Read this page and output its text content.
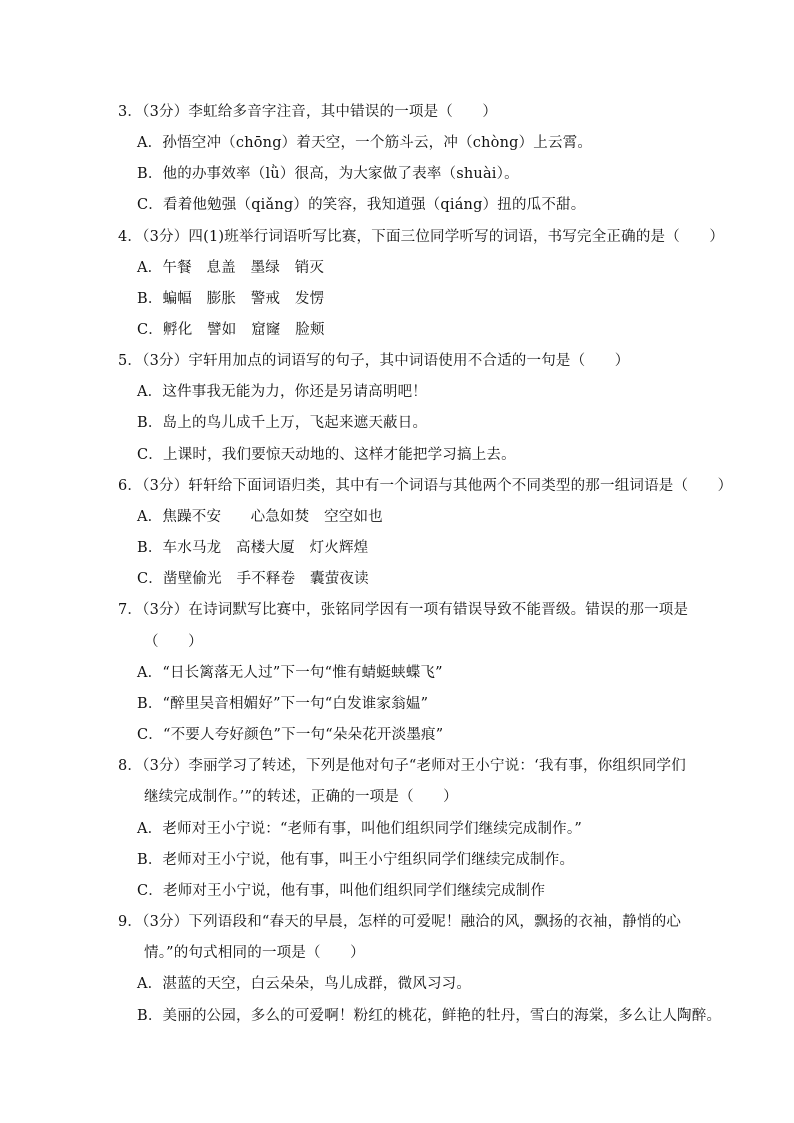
3．（3分）李虹给多音字注音，其中错误的一项是（　　）
A．孙悟空冲（chōng）着天空，一个筋斗云，冲（chòng）上云霄。
B．他的办事效率（lǜ）很高，为大家做了表率（shuài）。
C．看着他勉强（qiǎng）的笑容，我知道强（qiáng）扭的瓜不甜。
4．（3分）四(1)班举行词语听写比赛，下面三位同学听写的词语，书写完全正确的是（　　）
A．午餐　息盖　墨绿　销灭
B．蝙幅　膨胀　警戒　发愣
C．孵化　譬如　窟窿　脸颊
5．（3分）宇轩用加点的词语写的句子，其中词语使用不合适的一句是（　　）
A．这件事我无能为力，你还是另请高明吧！
B．岛上的鸟儿成千上万，飞起来遮天蔽日。
C．上课时，我们要惊天动地的、这样才能把学习搞上去。
6．（3分）轩轩给下面词语归类，其中有一个词语与其他两个不同类型的那一组词语是（　　）
A．焦躁不安　　心急如焚　空空如也
B．车水马龙　高楼大厦　灯火辉煌
C．凿壁偷光　手不释卷　囊萤夜读
7．（3分）在诗词默写比赛中，张铭同学因有一项有错误导致不能晋级。错误的那一项是
（　　）
A．“日长篱落无人过”下一句“惟有蜻蜓蛱蝶飞”
B．“醉里吴音相媚好”下一句“白发谁家翁媪”
C．“不要人夸好颜色”下一句“朵朵花开淡墨痕”
8．（3分）李丽学习了转述，下列是他对句子“老师对王小宁说：‘我有事，你组织同学们
继续完成制作。’”的转述，正确的一项是（　　）
A．老师对王小宁说：“老师有事，叫他们组织同学们继续完成制作。”
B．老师对王小宁说，他有事，叫王小宁组织同学们继续完成制作。
C．老师对王小宁说，他有事，叫他们组织同学们继续完成制作
9．（3分）下列语段和“春天的早晨，怎样的可爱呢！融洽的风，飘扬的衣袖，静悄的心
情。”的句式相同的一项是（　　）
A．湛蓝的天空，白云朵朵，鸟儿成群，微风习习。
B．美丽的公园，多么的可爱啊！粉红的桃花，鲜艳的牡丹，雪白的海棠，多么让人陶醉。
